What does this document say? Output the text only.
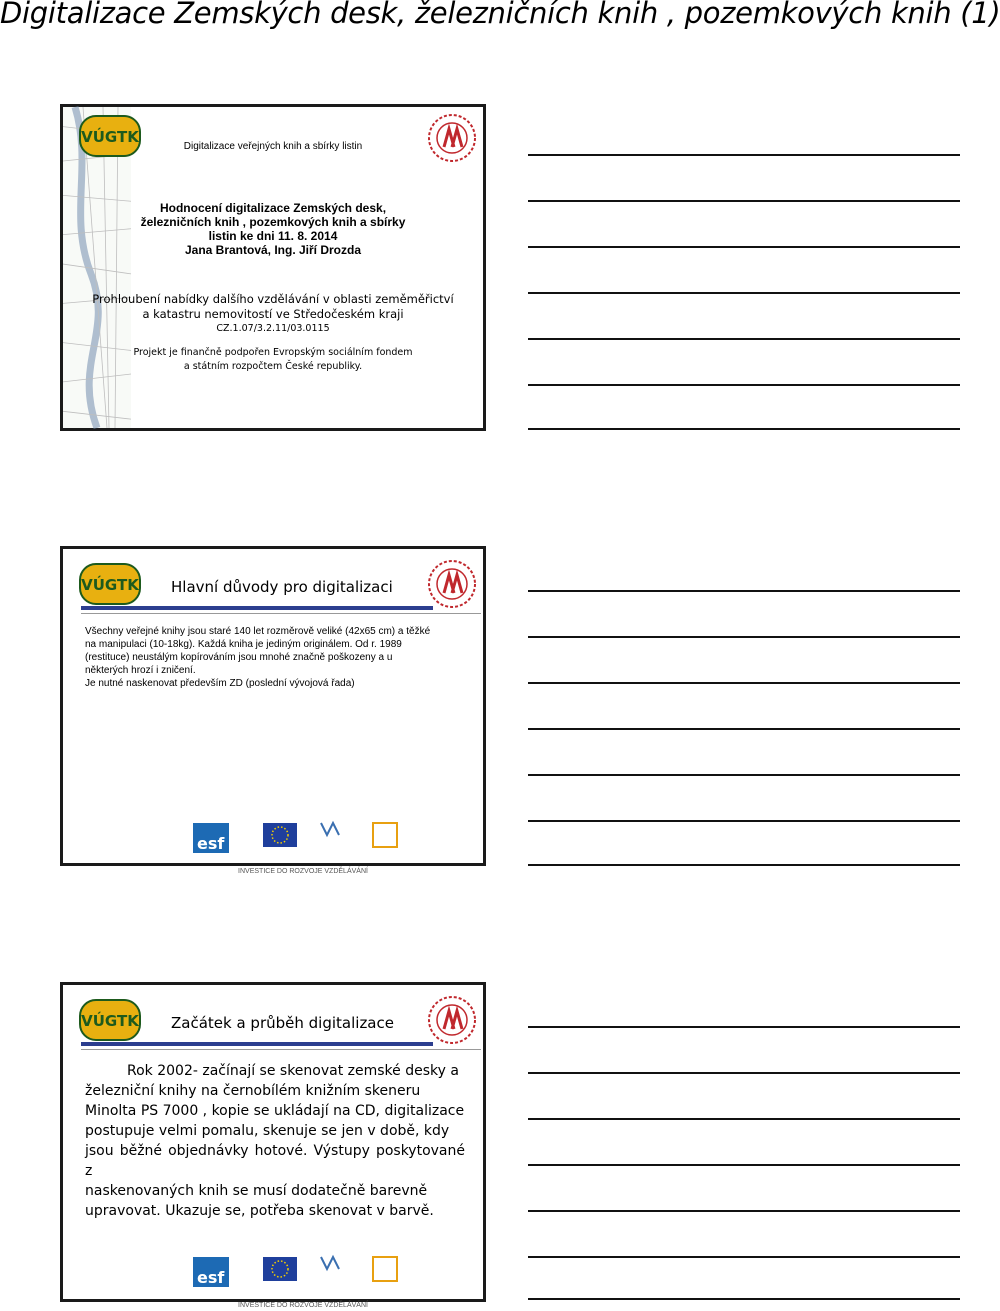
Digitalizace Zemských desk, železničních knih , pozemkových knih (1)
VÚGTK
Digitalizace veřejných knih a sbírky listin
Hodnocení digitalizace Zemských desk,
železničních knih , pozemkových knih a sbírky
listin ke dni 11. 8. 2014
Jana Brantová, Ing. Jiří Drozda
Prohloubení nabídky dalšího vzdělávání v oblasti zeměměřictví
a katastru nemovitostí ve Středočeském kraji
CZ.1.07/3.2.11/03.0115
Projekt je finančně podpořen Evropským sociálním fondem
a státním rozpočtem České republiky.
VÚGTK Hlavní důvody pro digitalizaci
Všechny veřejné knihy jsou staré 140 let rozměrově veliké (42x65 cm) a těžké
na manipulaci (10-18kg). Každá kniha je jediným originálem. Od r. 1989
(restituce) neustálým kopírováním jsou mnohé značně poškozeny a u
některých hrozí i zničení.
Je nutné naskenovat především ZD (poslední vývojová řada)
esf
INVESTICE DO ROZVOJE VZDĚLÁVÁNÍ
VÚGTK Začátek a průběh digitalizace
Rok 2002- začínají se skenovat zemské desky a
železniční knihy na černobílém knižním skeneru
Minolta PS 7000 , kopie se ukládají na CD, digitalizace
postupuje velmi pomalu, skenuje se jen v době, kdy
jsou běžné objednávky hotové. Výstupy poskytované z
naskenovaných knih se musí dodatečně barevně
upravovat. Ukazuje se, potřeba skenovat v barvě.
esf
INVESTICE DO ROZVOJE VZDĚLÁVÁNÍ
